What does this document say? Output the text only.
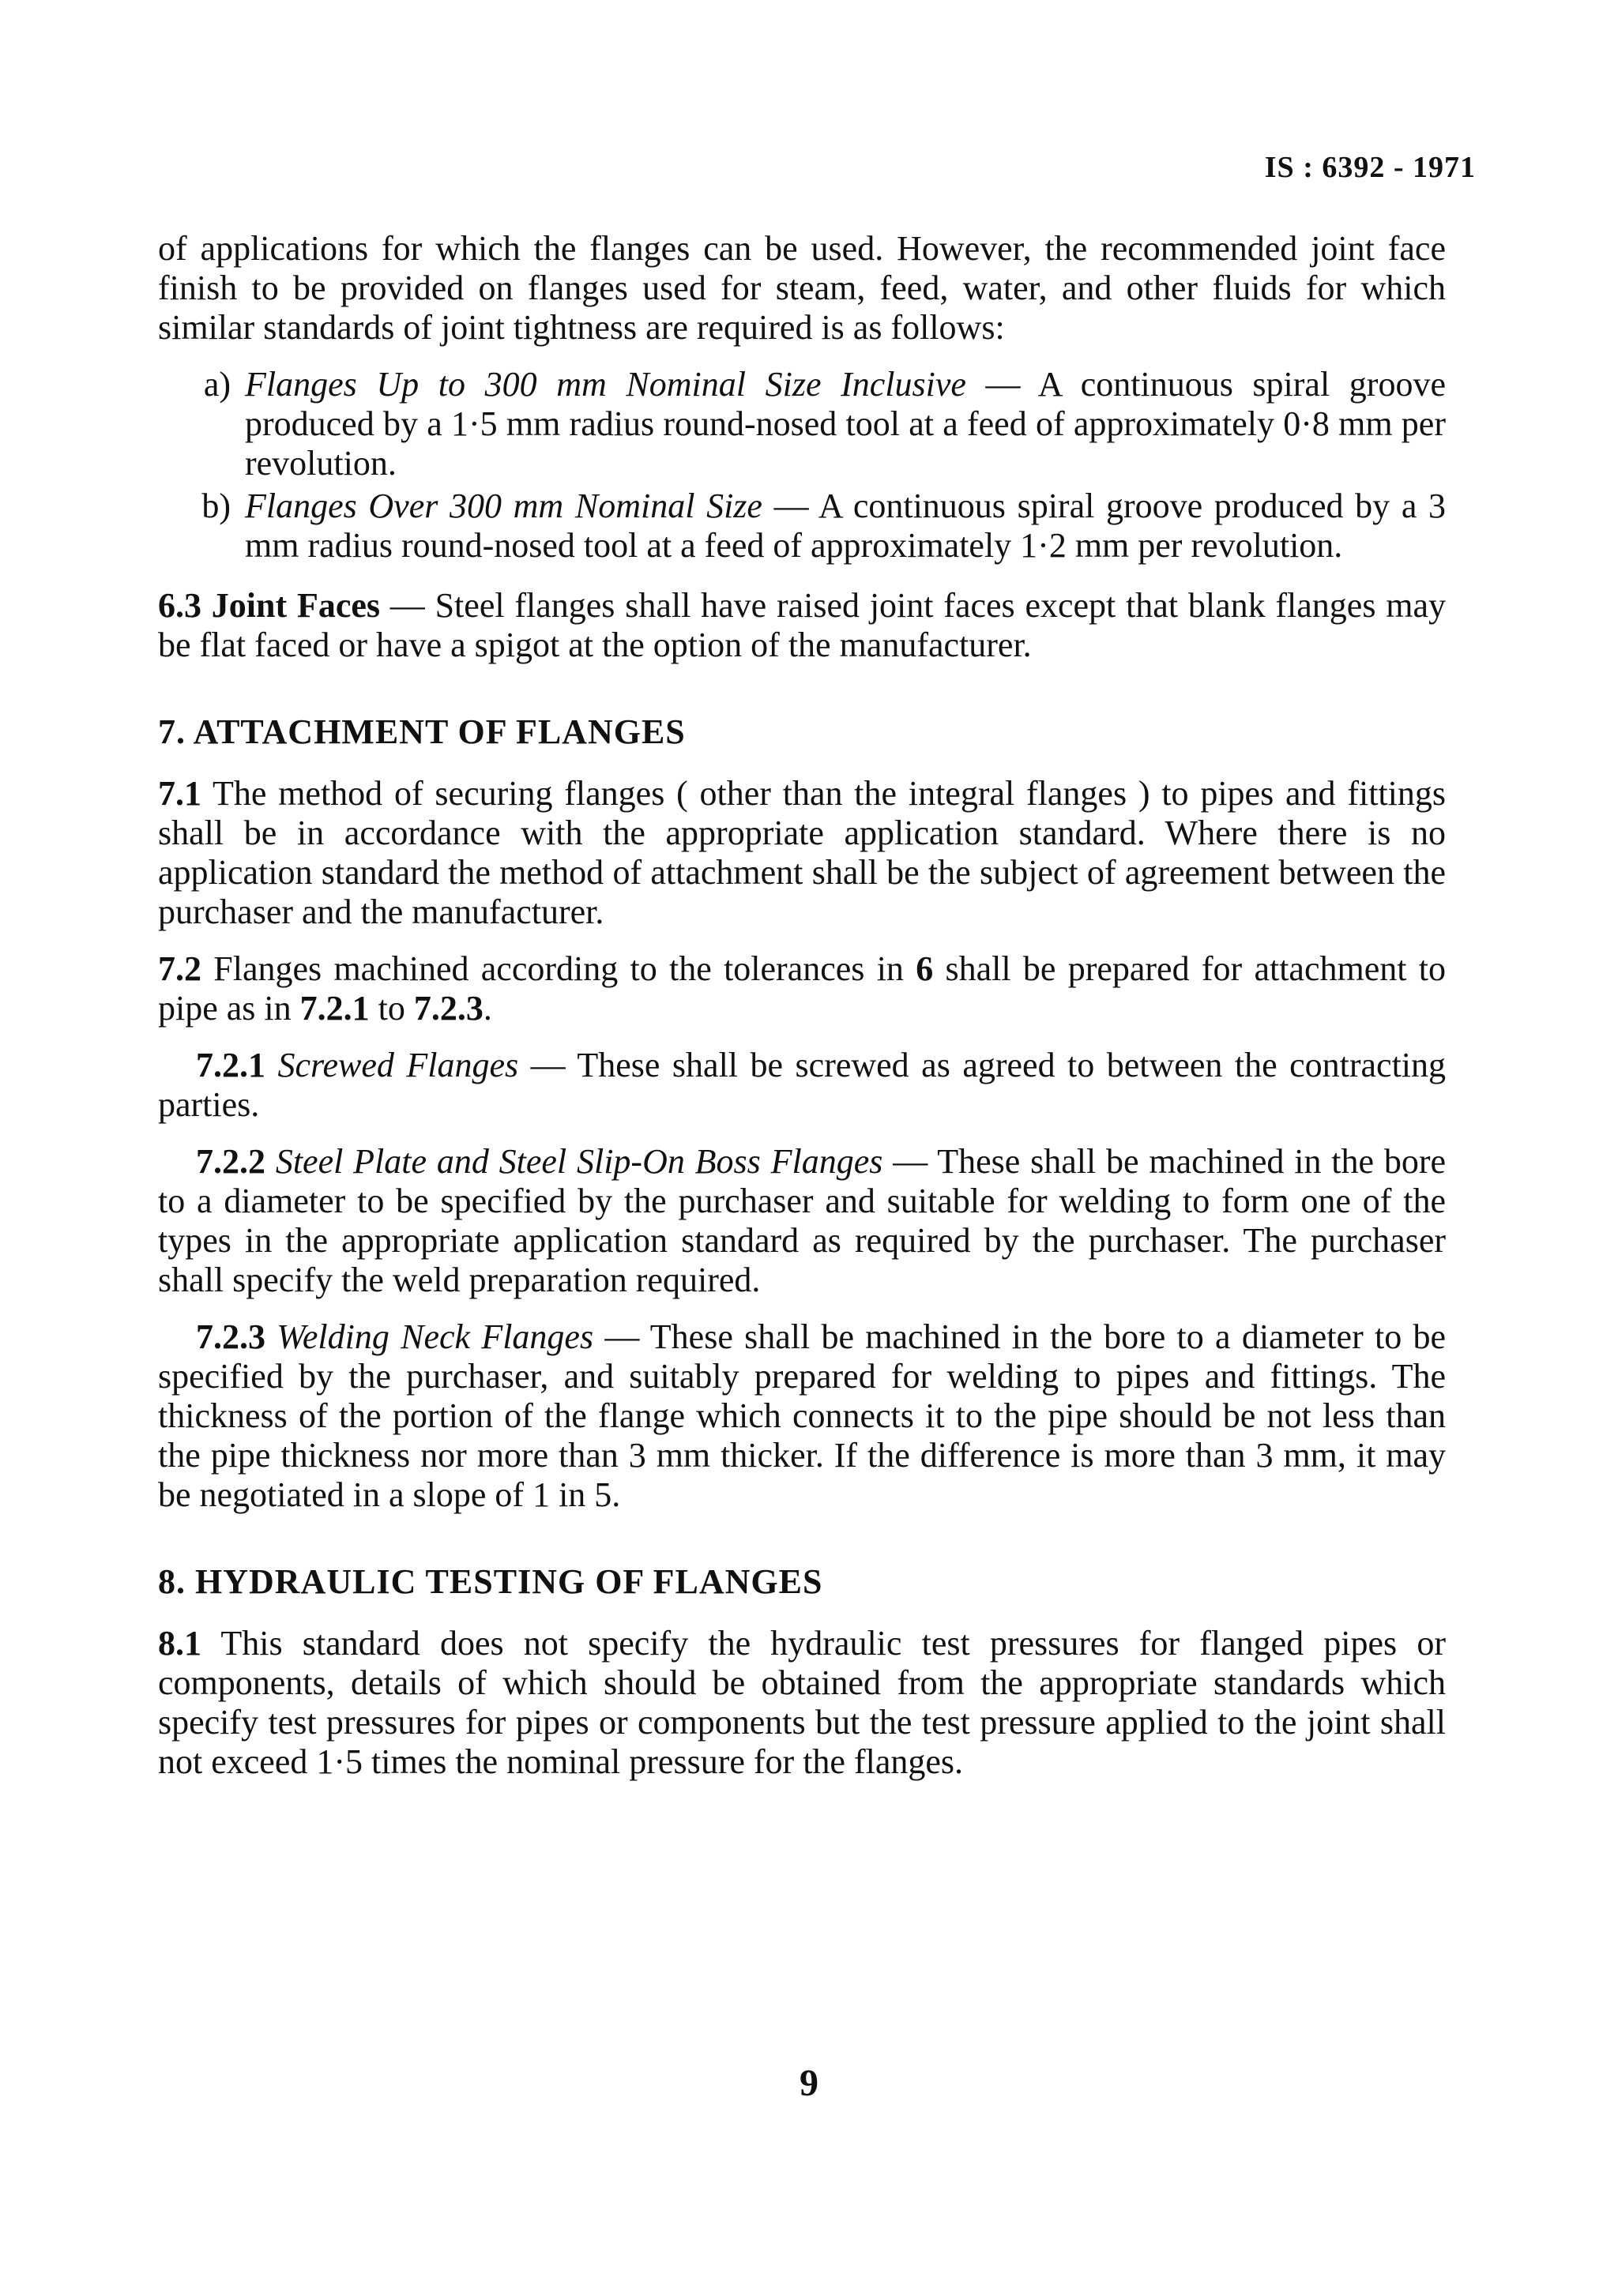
IS : 6392 - 1971

of applications for which the flanges can be used. However, the recommended joint face finish to be provided on flanges used for steam, feed, water, and other fluids for which similar standards of joint tightness are required is as follows:

a) Flanges Up to 300 mm Nominal Size Inclusive — A continuous spiral groove produced by a 1·5 mm radius round-nosed tool at a feed of approximately 0·8 mm per revolution.
b) Flanges Over 300 mm Nominal Size — A continuous spiral groove produced by a 3 mm radius round-nosed tool at a feed of approximately 1·2 mm per revolution.

6.3 Joint Faces — Steel flanges shall have raised joint faces except that blank flanges may be flat faced or have a spigot at the option of the manufacturer.

7. ATTACHMENT OF FLANGES

7.1 The method of securing flanges ( other than the integral flanges ) to pipes and fittings shall be in accordance with the appropriate application standard. Where there is no application standard the method of attachment shall be the subject of agreement between the purchaser and the manufacturer.

7.2 Flanges machined according to the tolerances in 6 shall be prepared for attachment to pipe as in 7.2.1 to 7.2.3.

7.2.1 Screwed Flanges — These shall be screwed as agreed to between the contracting parties.

7.2.2 Steel Plate and Steel Slip-On Boss Flanges — These shall be machined in the bore to a diameter to be specified by the purchaser and suitable for welding to form one of the types in the appropriate application standard as required by the purchaser. The purchaser shall specify the weld preparation required.

7.2.3 Welding Neck Flanges — These shall be machined in the bore to a diameter to be specified by the purchaser, and suitably prepared for welding to pipes and fittings. The thickness of the portion of the flange which connects it to the pipe should be not less than the pipe thickness nor more than 3 mm thicker. If the difference is more than 3 mm, it may be negotiated in a slope of 1 in 5.

8. HYDRAULIC TESTING OF FLANGES

8.1 This standard does not specify the hydraulic test pressures for flanged pipes or components, details of which should be obtained from the appropriate standards which specify test pressures for pipes or components but the test pressure applied to the joint shall not exceed 1·5 times the nominal pressure for the flanges.

9
